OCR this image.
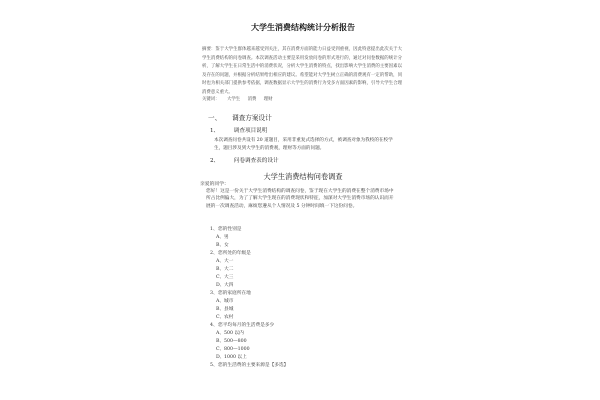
大学生消费结构统计分析报告
摘要：鉴于大学生群体越来越受到关注，其在消费方面的能力日益受到重视，因此特意提出此次关于大学生消费结构的问卷调查。本次调查活动主要是采用发放问卷的形式进行的，通过对问卷数据的统计分析，了解大学生在日常生活中的消费状况，分析大学生消费的特点，找出影响大学生消费的主要因素以及存在的问题，并根据分析结果给出相应的建议。希望能对大学生树立正确的消费观有一定的帮助，同时也为相关部门提供参考依据，调查数据显示大学生的消费行为受多方面因素的影响，引导大学生合理消费意义重大。
关键词： 大学生 消费 理财
一、 调查方案设计
1、	调查项目说明
本次调查问卷共设有 20 道题目，采用非重复式选择的方式，被调查对象为我校的在校学生，题目涉及到大学生的消费观，理财等方面的问题。
2、	问卷调查表的设计
大学生消费结构问卷调查
亲爱的同学：
您好！这是一份关于大学生消费结构的调查问卷，鉴于现在大学生的消费在整个消费市场中所占比例偏大，为了了解大学生现在的消费现状和特征，加深对大学生消费市场的认识而开展的一次调查活动，麻烦您遵从个人情况及 5 分钟时间填一下这份问卷。
1、您的性别是
A、男
B、女
2、您所处的年级是
A、大一
B、大二
C、大三
D、大四
3、您的家庭所在地
A、城市
B、县城
C、农村
4、您平均每月的生活费是多少
A、500 以内
B、500—800
C、800—1000
D、1000 以上
5、您的生活费的主要来源是【多选】
